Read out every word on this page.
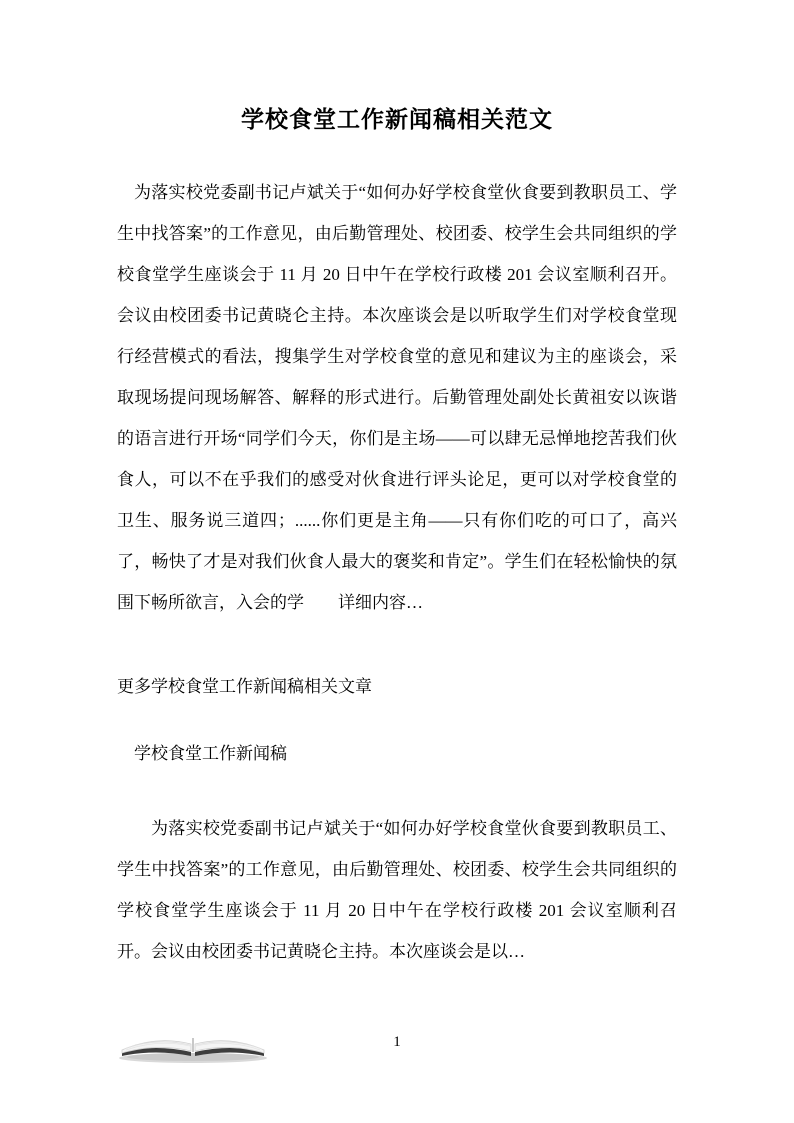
学校食堂工作新闻稿相关范文

为落实校党委副书记卢斌关于“如何办好学校食堂伙食要到教职员工、学生中找答案”的工作意见，由后勤管理处、校团委、校学生会共同组织的学校食堂学生座谈会于 11 月 20 日中午在学校行政楼 201 会议室顺利召开。会议由校团委书记黄晓仑主持。本次座谈会是以听取学生们对学校食堂现行经营模式的看法，搜集学生对学校食堂的意见和建议为主的座谈会，采取现场提问现场解答、解释的形式进行。后勤管理处副处长黄祖安以诙谐的语言进行开场“同学们今天，你们是主场——可以肆无忌惮地挖苦我们伙食人，可以不在乎我们的感受对伙食进行评头论足，更可以对学校食堂的卫生、服务说三道四；......你们更是主角——只有你们吃的可口了，高兴了，畅快了才是对我们伙食人最大的褒奖和肯定”。学生们在轻松愉快的氛围下畅所欲言，入会的学　　详细内容…

更多学校食堂工作新闻稿相关文章

学校食堂工作新闻稿

为落实校党委副书记卢斌关于“如何办好学校食堂伙食要到教职员工、学生中找答案”的工作意见，由后勤管理处、校团委、校学生会共同组织的学校食堂学生座谈会于 11 月 20 日中午在学校行政楼 201 会议室顺利召开。会议由校团委书记黄晓仑主持。本次座谈会是以…

1
